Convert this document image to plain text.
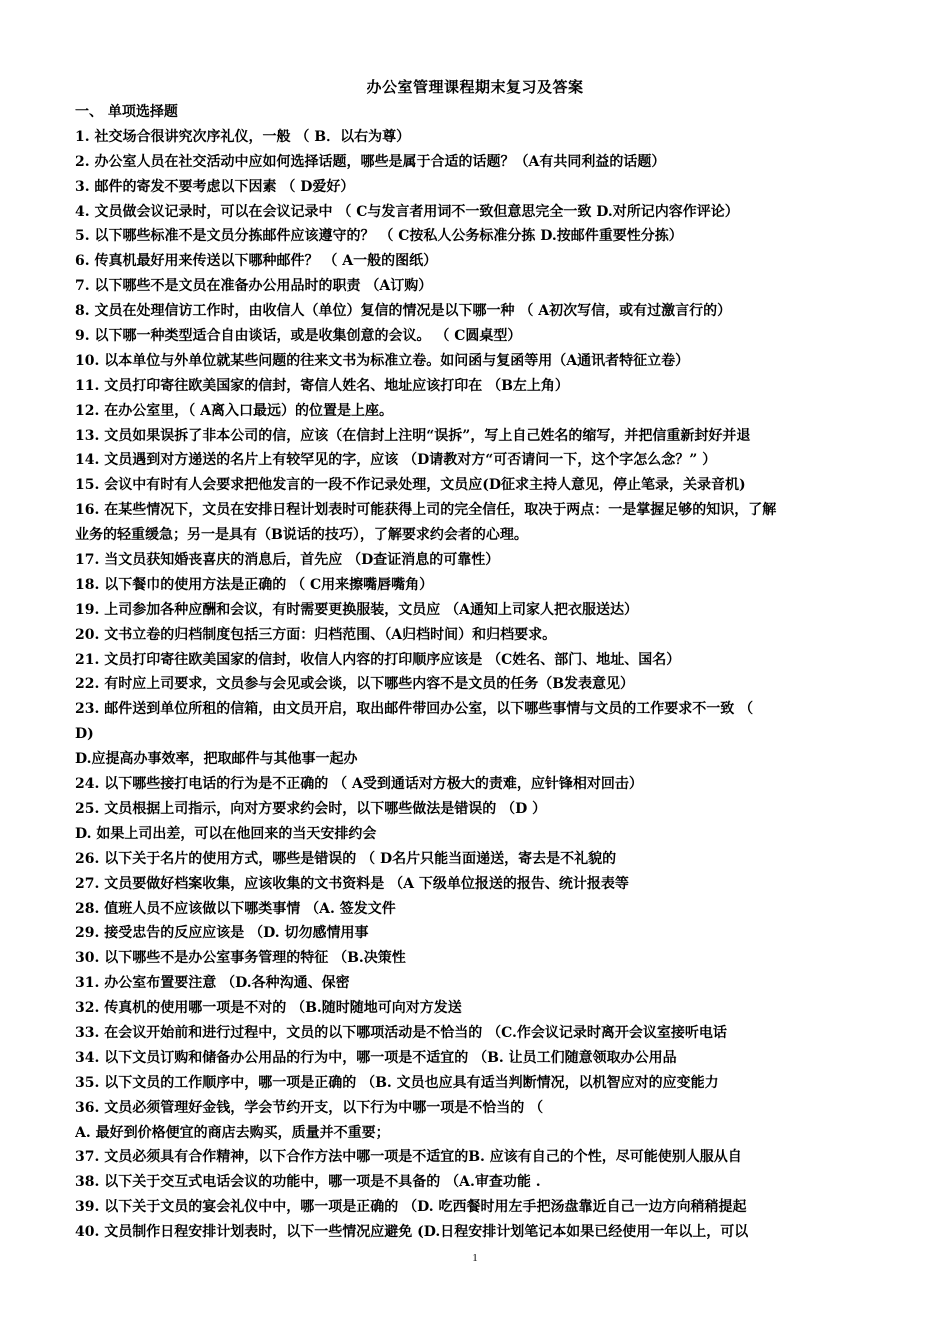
办公室管理课程期末复习及答案
一、 单项选择题
1. 社交场合很讲究次序礼仪，一般 （ B．以右为尊）
2. 办公室人员在社交活动中应如何选择话题，哪些是属于合适的话题？（A有共同利益的话题）
3. 邮件的寄发不要考虑以下因素 （ D爱好）
4. 文员做会议记录时，可以在会议记录中 （ C与发言者用词不一致但意思完全一致 D.对所记内容作评论）
5. 以下哪些标准不是文员分拣邮件应该遵守的？ （ C按私人公务标准分拣 D.按邮件重要性分拣）
6. 传真机最好用来传送以下哪种邮件？ （ A一般的图纸）
7. 以下哪些不是文员在准备办公用品时的职责 （A订购）
8. 文员在处理信访工作时，由收信人（单位）复信的情况是以下哪一种 （ A初次写信，或有过激言行的）
9. 以下哪一种类型适合自由谈话，或是收集创意的会议。 （ C圆桌型）
10. 以本单位与外单位就某些问题的往来文书为标准立卷。如问函与复函等用（A通讯者特征立卷）
11. 文员打印寄往欧美国家的信封，寄信人姓名、地址应该打印在 （B左上角）
12. 在办公室里，（ A离入口最远）的位置是上座。
13. 文员如果误拆了非本公司的信，应该（在信封上注明“误拆”，写上自己姓名的缩写，并把信重新封好并退
14. 文员遇到对方递送的名片上有较罕见的字，应该 （D请教对方“可否请问一下，这个字怎么念？” ）
15. 会议中有时有人会要求把他发言的一段不作记录处理，文员应(D征求主持人意见，停止笔录，关录音机)
16. 在某些情况下，文员在安排日程计划表时可能获得上司的完全信任，取决于两点：一是掌握足够的知识，了解
业务的轻重缓急；另一是具有（B说话的技巧），了解要求约会者的心理。
17. 当文员获知婚丧喜庆的消息后，首先应 （D查证消息的可靠性）
18. 以下餐巾的使用方法是正确的 （ C用来擦嘴唇嘴角）
19. 上司参加各种应酬和会议，有时需要更换服装，文员应 （A通知上司家人把衣服送达）
20. 文书立卷的归档制度包括三方面：归档范围、（A归档时间）和归档要求。
21. 文员打印寄往欧美国家的信封，收信人内容的打印顺序应该是 （C姓名、部门、地址、国名）
22. 有时应上司要求，文员参与会见或会谈，以下哪些内容不是文员的任务（B发表意见）
23. 邮件送到单位所租的信箱，由文员开启，取出邮件带回办公室，以下哪些事情与文员的工作要求不一致 （
D)
D.应提高办事效率，把取邮件与其他事一起办
24. 以下哪些接打电话的行为是不正确的 （ A受到通话对方极大的责难，应针锋相对回击）
25. 文员根据上司指示，向对方要求约会时，以下哪些做法是错误的 （D ）
D. 如果上司出差，可以在他回来的当天安排约会
26. 以下关于名片的使用方式，哪些是错误的 （ D名片只能当面递送，寄去是不礼貌的
27. 文员要做好档案收集，应该收集的文书资料是 （A 下级单位报送的报告、统计报表等
28. 值班人员不应该做以下哪类事情 （A. 签发文件
29. 接受忠告的反应应该是 （D. 切勿感情用事
30. 以下哪些不是办公室事务管理的特征 （B.决策性
31. 办公室布置要注意 （D.各种沟通、保密
32. 传真机的使用哪一项是不对的 （B.随时随地可向对方发送
33. 在会议开始前和进行过程中，文员的以下哪项活动是不恰当的 （C.作会议记录时离开会议室接听电话
34. 以下文员订购和储备办公用品的行为中，哪一项是不适宜的 （B. 让员工们随意领取办公用品
35. 以下文员的工作顺序中，哪一项是正确的 （B. 文员也应具有适当判断情况，以机智应对的应变能力
36. 文员必须管理好金钱，学会节约开支，以下行为中哪一项是不恰当的 （
A. 最好到价格便宜的商店去购买，质量并不重要；
37. 文员必须具有合作精神，以下合作方法中哪一项是不适宜的B. 应该有自己的个性，尽可能使别人服从自
38. 以下关于交互式电话会议的功能中，哪一项是不具备的 （A.审查功能 .
39. 以下关于文员的宴会礼仪中中，哪一项是正确的 （D. 吃西餐时用左手把汤盘靠近自己一边方向稍稍提起
40. 文员制作日程安排计划表时，以下一些情况应避免 (D.日程安排计划笔记本如果已经使用一年以上，可以
1
